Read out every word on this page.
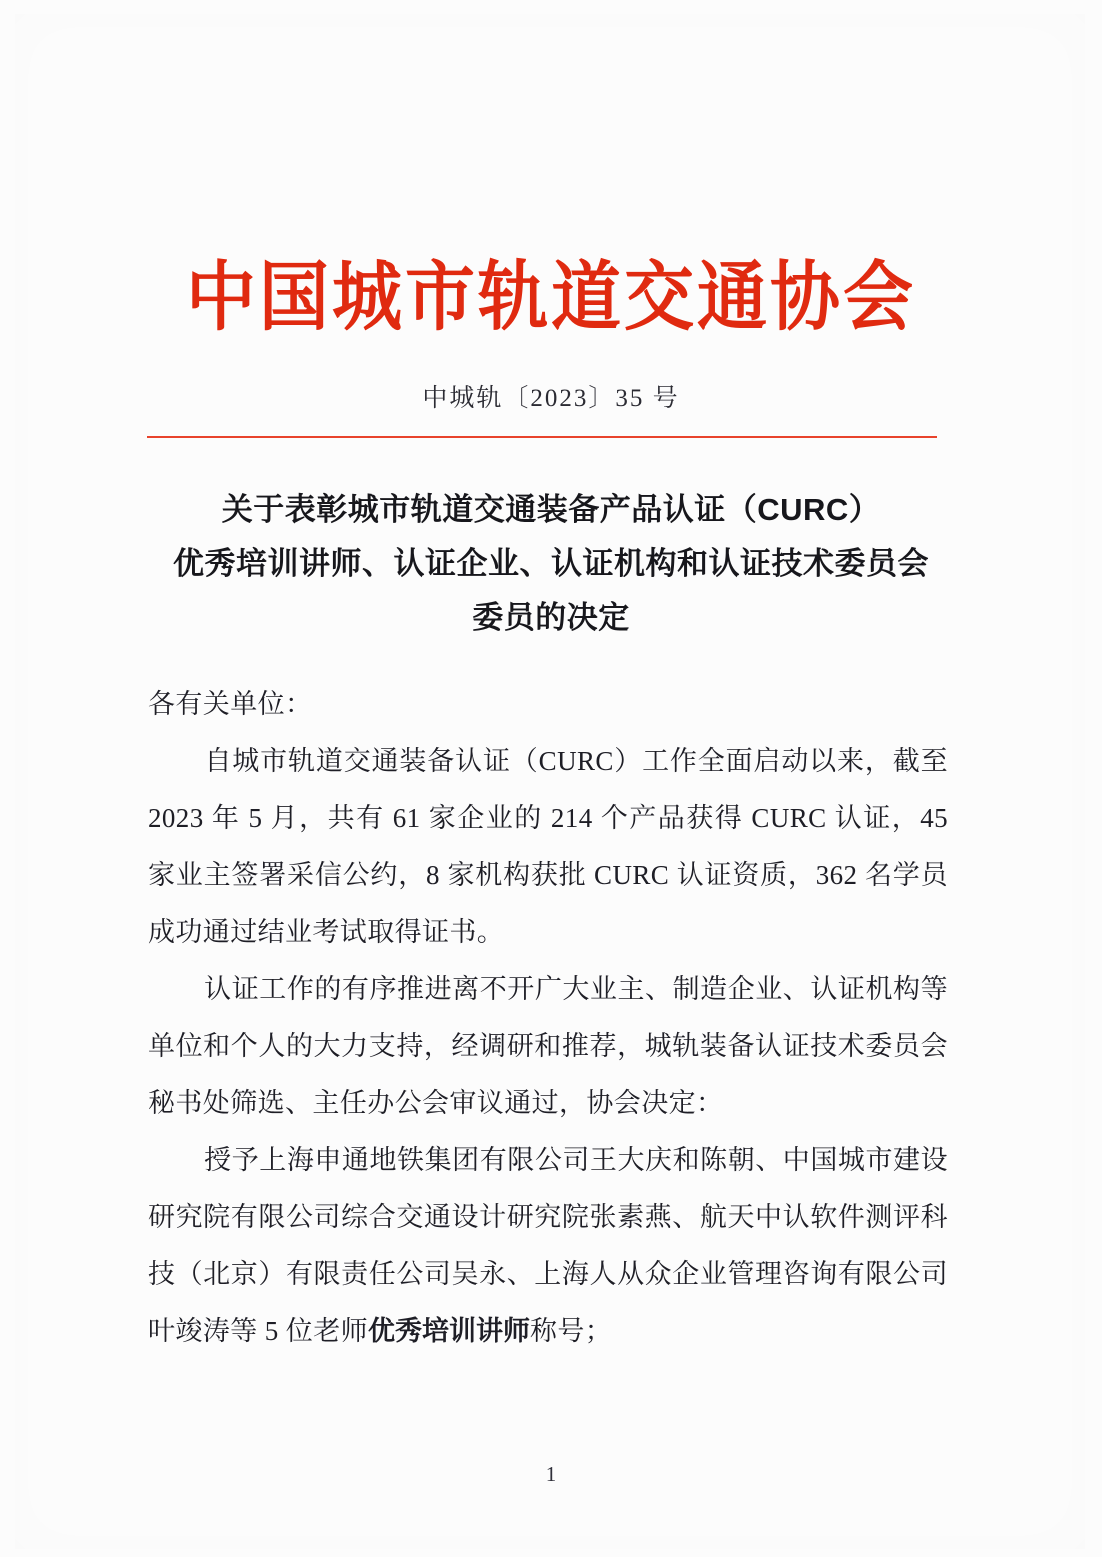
中国城市轨道交通协会
中城轨〔2023〕35 号
关于表彰城市轨道交通装备产品认证（CURC）
优秀培训讲师、认证企业、认证机构和认证技术委员会
委员的决定

各有关单位：

自城市轨道交通装备认证（CURC）工作全面启动以来，截至 2023 年 5 月，共有 61 家企业的 214 个产品获得 CURC 认证，45 家业主签署采信公约，8 家机构获批 CURC 认证资质，362 名学员成功通过结业考试取得证书。

认证工作的有序推进离不开广大业主、制造企业、认证机构等单位和个人的大力支持，经调研和推荐，城轨装备认证技术委员会秘书处筛选、主任办公会审议通过，协会决定：

授予上海申通地铁集团有限公司王大庆和陈朝、中国城市建设研究院有限公司综合交通设计研究院张素燕、航天中认软件测评科技（北京）有限责任公司吴永、上海人从众企业管理咨询有限公司叶竣涛等 5 位老师优秀培训讲师称号；

1
